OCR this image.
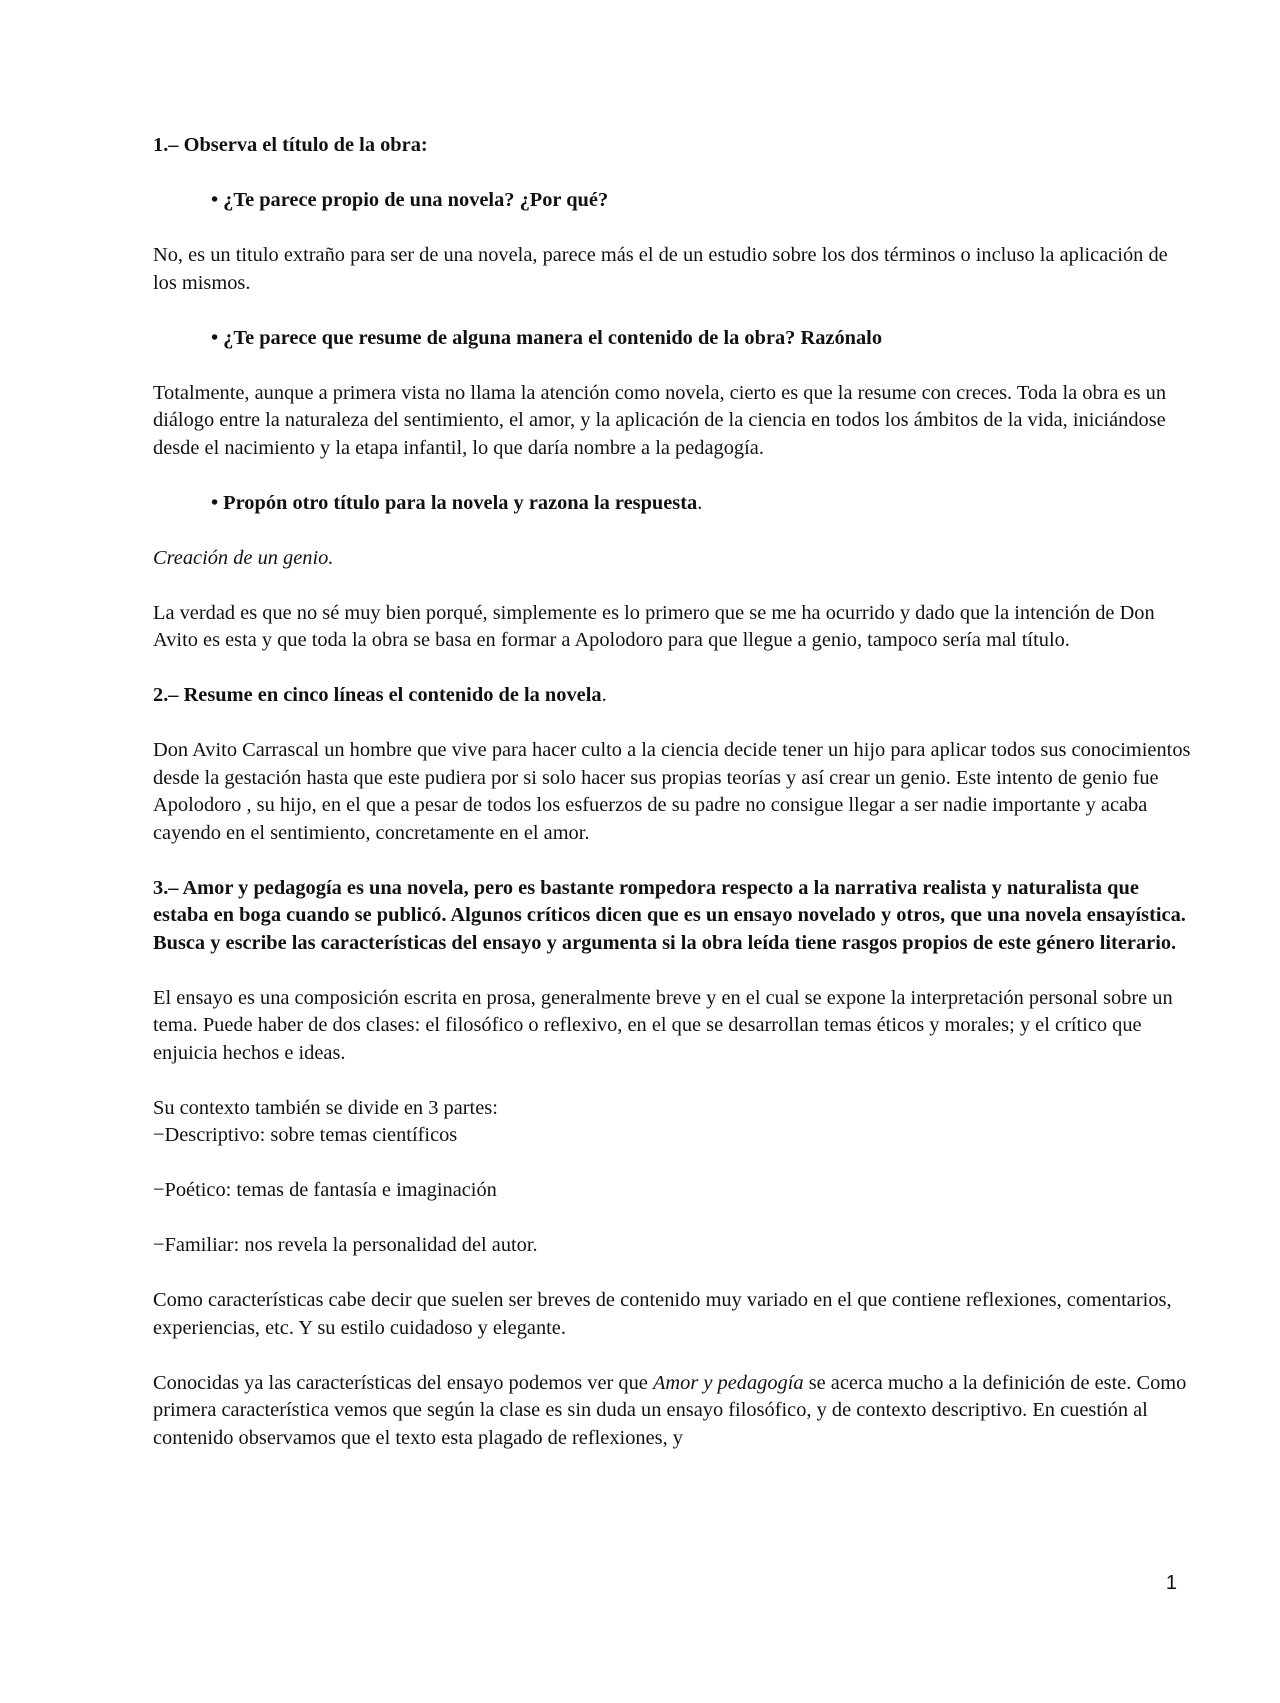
1.– Observa el título de la obra:

• ¿Te parece propio de una novela? ¿Por qué?

No, es un titulo extraño para ser de una novela, parece más el de un estudio sobre los dos términos o incluso la aplicación de los mismos.

• ¿Te parece que resume de alguna manera el contenido de la obra? Razónalo

Totalmente, aunque a primera vista no llama la atención como novela, cierto es que la resume con creces. Toda la obra es un diálogo entre la naturaleza del sentimiento, el amor, y la aplicación de la ciencia en todos los ámbitos de la vida, iniciándose desde el nacimiento y la etapa infantil, lo que daría nombre a la pedagogía.

• Propón otro título para la novela y razona la respuesta.

Creación de un genio.

La verdad es que no sé muy bien porqué, simplemente es lo primero que se me ha ocurrido y dado que la intención de Don Avito es esta y que toda la obra se basa en formar a Apolodoro para que llegue a genio, tampoco sería mal título.

2.– Resume en cinco líneas el contenido de la novela.

Don Avito Carrascal un hombre que vive para hacer culto a la ciencia decide tener un hijo para aplicar todos sus conocimientos desde la gestación hasta que este pudiera por si solo hacer sus propias teorías y así crear un genio. Este intento de genio fue Apolodoro , su hijo, en el que a pesar de todos los esfuerzos de su padre no consigue llegar a ser nadie importante y acaba cayendo en el sentimiento, concretamente en el amor.

3.– Amor y pedagogía es una novela, pero es bastante rompedora respecto a la narrativa realista y naturalista que estaba en boga cuando se publicó. Algunos críticos dicen que es un ensayo novelado y otros, que una novela ensayística. Busca y escribe las características del ensayo y argumenta si la obra leída tiene rasgos propios de este género literario.

El ensayo es una composición escrita en prosa, generalmente breve y en el cual se expone la interpretación personal sobre un tema. Puede haber de dos clases: el filosófico o reflexivo, en el que se desarrollan temas éticos y morales; y el crítico que enjuicia hechos e ideas.

Su contexto también se divide en 3 partes:

−Descriptivo: sobre temas científicos

−Poético: temas de fantasía e imaginación

−Familiar: nos revela la personalidad del autor.

Como características cabe decir que suelen ser breves de contenido muy variado en el que contiene reflexiones, comentarios, experiencias, etc. Y su estilo cuidadoso y elegante.

Conocidas ya las características del ensayo podemos ver que Amor y pedagogía se acerca mucho a la definición de este. Como primera característica vemos que según la clase es sin duda un ensayo filosófico, y de contexto descriptivo. En cuestión al contenido observamos que el texto esta plagado de reflexiones, y

1
